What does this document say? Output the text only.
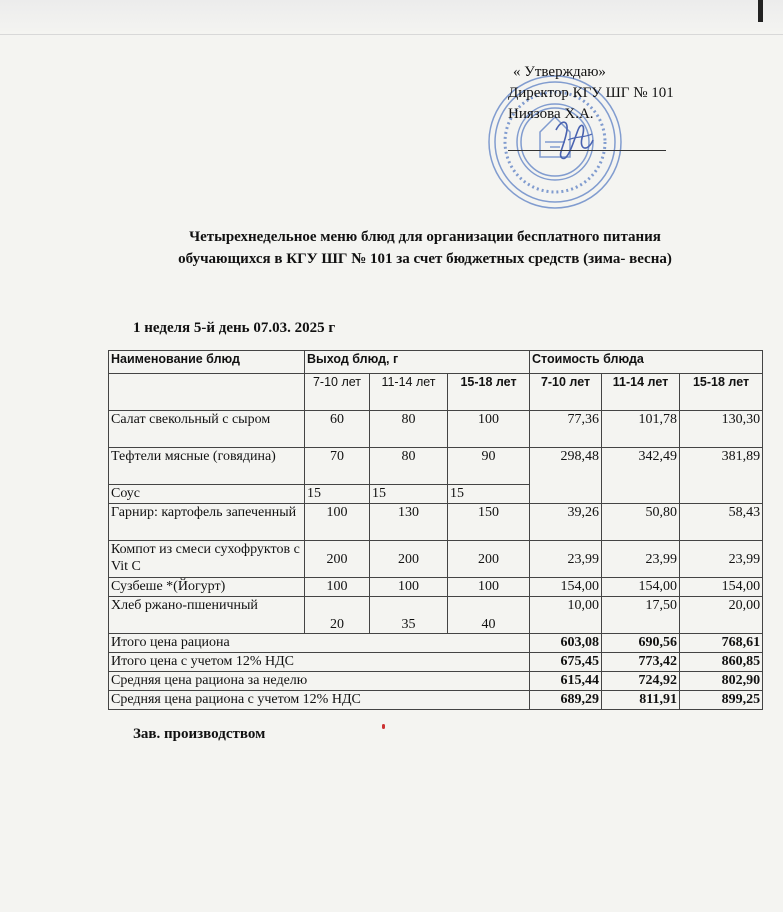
« Утверждаю»
Директор КГУ ШГ № 101
Ниязова Х.А.
Четырехнедельное меню блюд для организации бесплатного питания
обучающихся в КГУ ШГ № 101 за счет бюджетных средств (зима- весна)
1 неделя 5-й день 07.03. 2025 г
Наименование блюд	Выход блюд, г			Стоимость блюда		
	7-10 лет	11-14 лет	15-18 лет	7-10 лет	11-14 лет	15-18 лет
Салат свекольный с сыром	60	80	100	77,36	101,78	130,30
Тефтели мясные (говядина)	70	80	90	298,48	342,49	381,89
Соус	15	15	15			
Гарнир: картофель запеченный	100	130	150	39,26	50,80	58,43
Компот из смеси сухофруктов с Vit C	200	200	200	23,99	23,99	23,99
Сузбеше *(Йогурт)	100	100	100	154,00	154,00	154,00
Хлеб ржано-пшеничный	20	35	40	10,00	17,50	20,00
Итого цена рациона				603,08	690,56	768,61
Итого цена с учетом 12% НДС				675,45	773,42	860,85
Средняя цена рациона за неделю				615,44	724,92	802,90
Средняя цена рациона с учетом 12% НДС				689,29	811,91	899,25
Зав. производством
